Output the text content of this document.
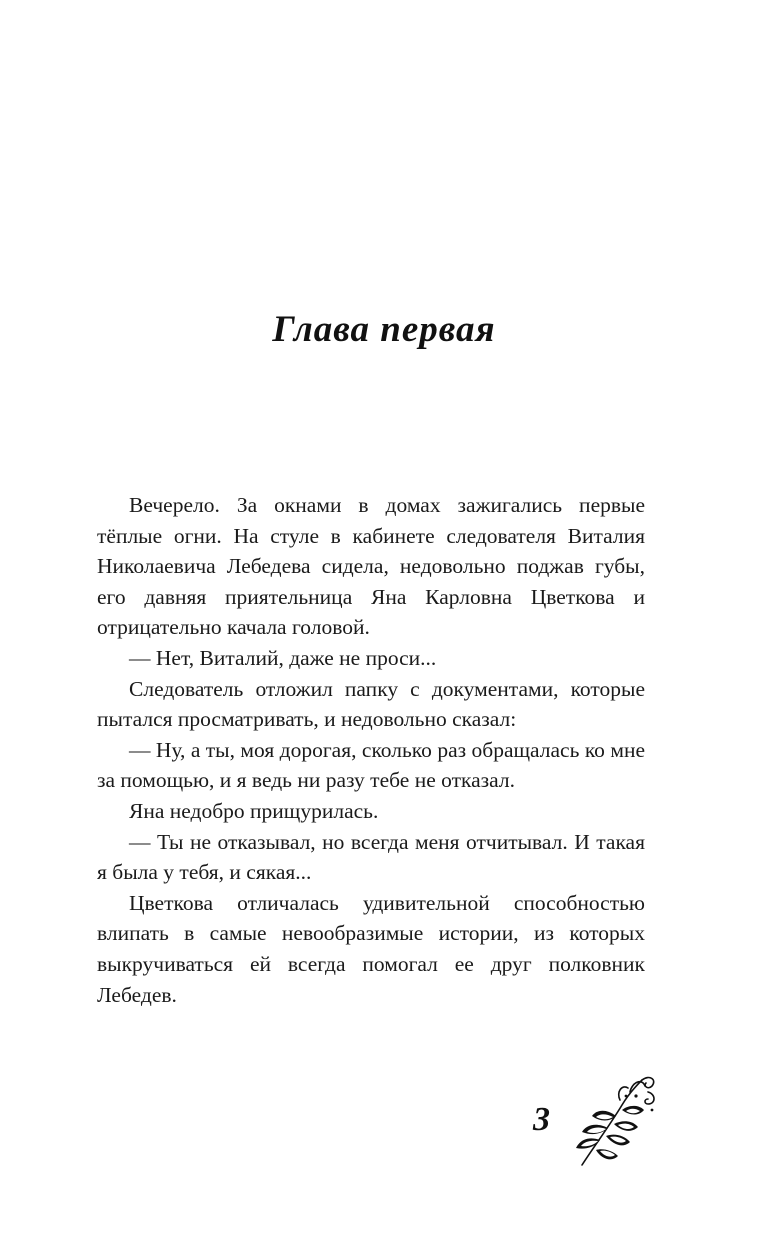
Глава первая

Вечерело. За окнами в домах зажигались первые тёплые огни. На стуле в кабинете следователя Виталия Николаевича Лебедева сидела, недовольно поджав губы, его давняя приятельница Яна Карловна Цветкова и отрицательно качала головой.

— Нет, Виталий, даже не проси...

Следователь отложил папку с документами, которые пытался просматривать, и недовольно сказал:

— Ну, а ты, моя дорогая, сколько раз обращалась ко мне за помощью, и я ведь ни разу тебе не отказал.

Яна недобро прищурилась.

— Ты не отказывал, но всегда меня отчитывал. И такая я была у тебя, и сякая...

Цветкова отличалась удивительной способностью влипать в самые невообразимые истории, из которых выкручиваться ей всегда помогал ее друг полковник Лебедев.

3
